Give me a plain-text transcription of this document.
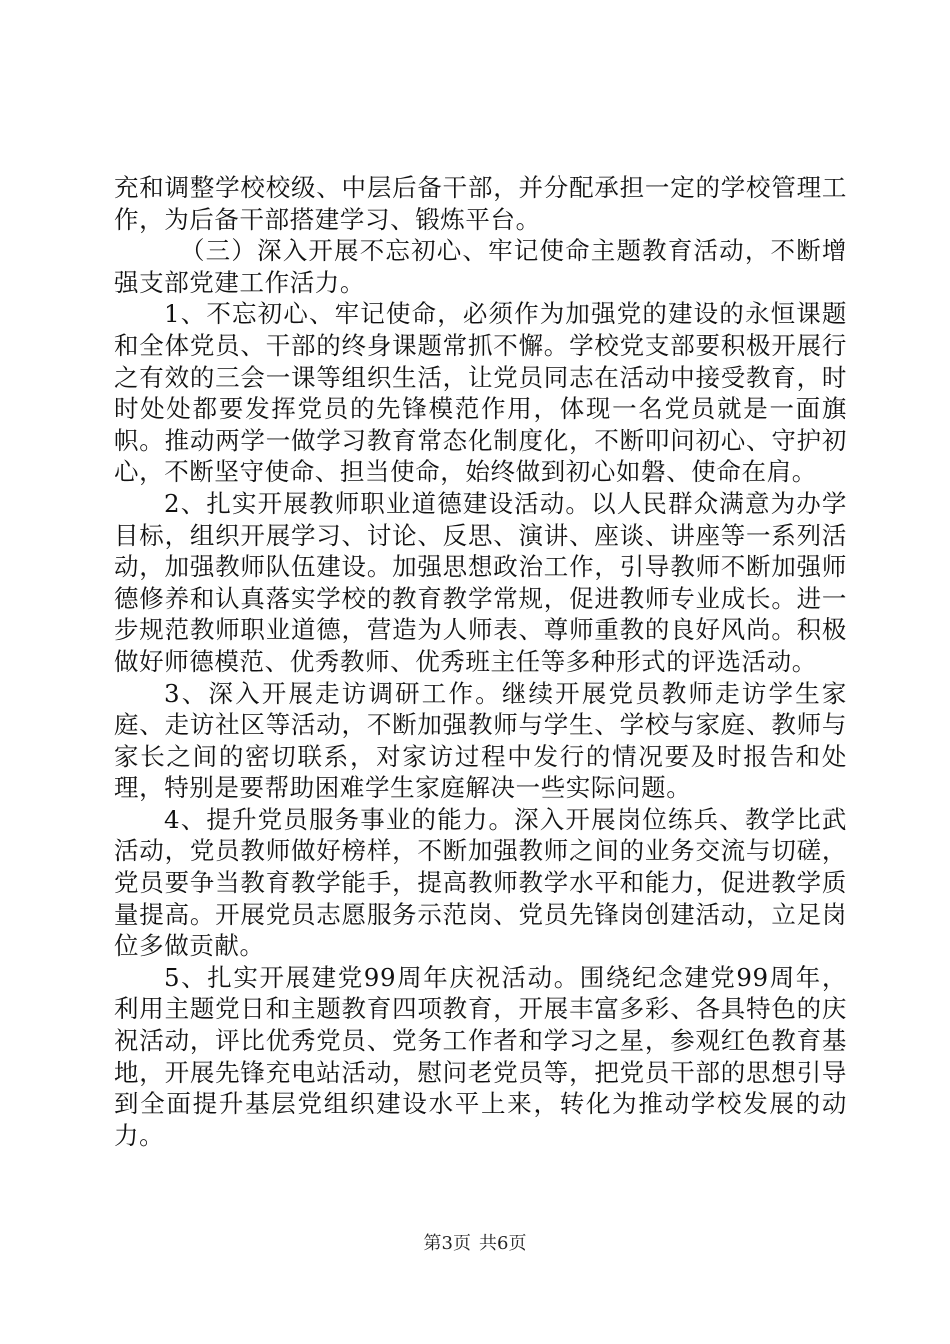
充和调整学校校级、中层后备干部，并分配承担一定的学校管理工作，为后备干部搭建学习、锻炼平台。

（三）深入开展不忘初心、牢记使命主题教育活动，不断增强支部党建工作活力。

1、不忘初心、牢记使命，必须作为加强党的建设的永恒课题和全体党员、干部的终身课题常抓不懈。学校党支部要积极开展行之有效的三会一课等组织生活，让党员同志在活动中接受教育，时时处处都要发挥党员的先锋模范作用，体现一名党员就是一面旗帜。推动两学一做学习教育常态化制度化，不断叩问初心、守护初心，不断坚守使命、担当使命，始终做到初心如磐、使命在肩。

2、扎实开展教师职业道德建设活动。以人民群众满意为办学目标，组织开展学习、讨论、反思、演讲、座谈、讲座等一系列活动，加强教师队伍建设。加强思想政治工作，引导教师不断加强师德修养和认真落实学校的教育教学常规，促进教师专业成长。进一步规范教师职业道德，营造为人师表、尊师重教的良好风尚。积极做好师德模范、优秀教师、优秀班主任等多种形式的评选活动。

3、深入开展走访调研工作。继续开展党员教师走访学生家庭、走访社区等活动，不断加强教师与学生、学校与家庭、教师与家长之间的密切联系，对家访过程中发行的情况要及时报告和处理，特别是要帮助困难学生家庭解决一些实际问题。

4、提升党员服务事业的能力。深入开展岗位练兵、教学比武活动，党员教师做好榜样，不断加强教师之间的业务交流与切磋，党员要争当教育教学能手，提高教师教学水平和能力，促进教学质量提高。开展党员志愿服务示范岗、党员先锋岗创建活动，立足岗位多做贡献。

5、扎实开展建党99周年庆祝活动。围绕纪念建党99周年，利用主题党日和主题教育四项教育，开展丰富多彩、各具特色的庆祝活动，评比优秀党员、党务工作者和学习之星，参观红色教育基地，开展先锋充电站活动，慰问老党员等，把党员干部的思想引导到全面提升基层党组织建设水平上来，转化为推动学校发展的动力。

第3页 共6页
